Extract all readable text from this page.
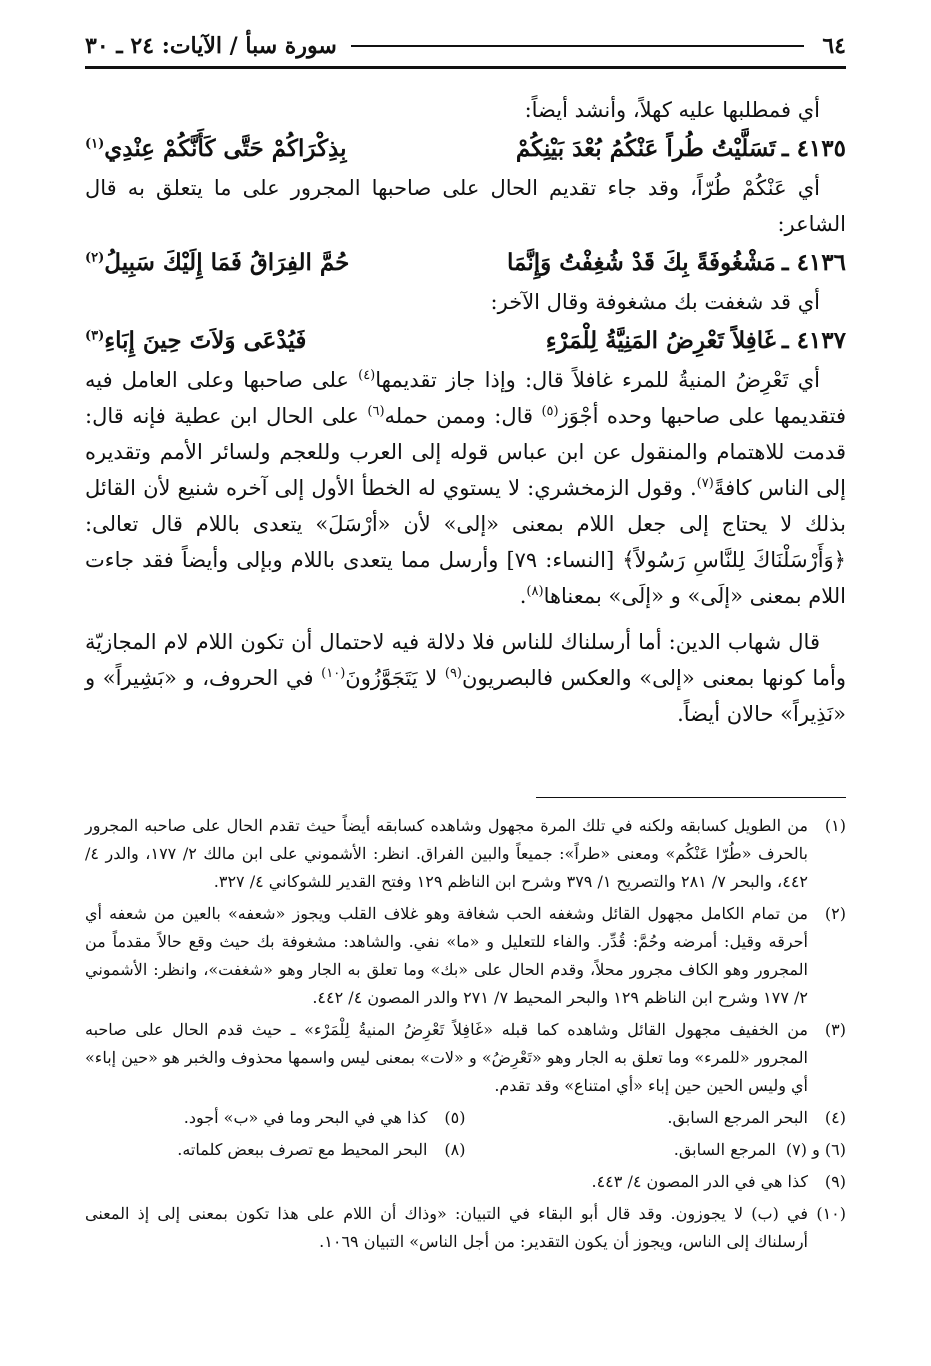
٦٤
سورة سبأ / الآيات: ٢٤ ـ ٣٠

أي فمطلبها عليه كهلاً، وأنشد أيضاً:

٤١٣٥ ـ
تَسَلَّيْتُ طُراً عَنْكُمُ بُعْدَ بَيْنِكُمْ
بِذِكْرَاكُمْ حَتَّى كَأَنَّكُمْ عِنْدِي$^{(١)}$

أي عَنْكُمْ طُرّاً، وقد جاء تقديم الحال على صاحبها المجرور على ما يتعلق به قال الشاعر:

٤١٣٦ ـ
مَشْغُوفَةً بِكَ قَدْ شُغِفْتُ وَإِنَّمَا
حُمَّ الفِرَاقُ فَمَا إِلَيْكَ سَبِيلُ$^{(٢)}$

أي قد شغفت بك مشغوفة وقال الآخر:

٤١٣٧ ـ
غَافِلاً تَعْرِضُ المَنِيَّةُ لِلْمَرْءِ
فَيُدْعَى وَلاَتَ حِينَ إِبَاءِ$^{(٣)}$

أي تَعْرِضُ المنيةُ للمرء غافلاً قال: وإذا جاز تقديمها$^{(٤)}$ على صاحبها وعلى العامل فيه فتقديمها على صاحبها وحده أجْوَز$^{(٥)}$ قال: وممن حمله$^{(٦)}$ على الحال ابن عطية فإنه قال: قدمت للاهتمام والمنقول عن ابن عباس قوله إلى العرب وللعجم ولسائر الأمم وتقديره إلى الناس كافةً$^{(٧)}$. وقول الزمخشري: لا يستوي له الخطأ الأول إلى آخره شنيع لأن القائل بذلك لا يحتاج إلى جعل اللام بمعنى «إلى» لأن «أرْسَلَ» يتعدى باللام قال تعالى: ﴿وَأَرْسَلْنَاكَ لِلنَّاسِ رَسُولاً﴾ [النساء: ٧٩] وأرسل مما يتعدى باللام وبإلى وأيضاً فقد جاءت اللام بمعنى «إلَى» و «إلَى» بمعناها$^{(٨)}$.

قال شهاب الدين: أما أرسلناك للناس فلا دلالة فيه لاحتمال أن تكون اللام لام المجازيّة وأما كونها بمعنى «إلى» والعكس فالبصريون$^{(٩)}$ لا يَتَجَوَّزُونَ$^{(١٠)}$ في الحروف، و «بَشِيراً» و «نَذِيراً» حالان أيضاً.

(١)
من الطويل كسابقه ولكنه في تلك المرة مجهول وشاهده كسابقه أيضاً حيث تقدم الحال على صاحبه المجرور بالحرف «طُرّا عَنْكُم» ومعنى «طراً»: جميعاً والبين الفراق. انظر: الأشموني على ابن مالك ٢/ ١٧٧، والدر ٤/ ٤٤٢، والبحر ٧/ ٢٨١ والتصريح ١/ ٣٧٩ وشرح ابن الناظم ١٢٩ وفتح القدير للشوكاني ٤/ ٣٢٧.
(٢)
من تمام الكامل مجهول القائل وشغفه الحب شغافة وهو غلاف القلب ويجوز «شعفه» بالعين من شعفه أي أحرقه وقيل: أمرضه وحُمَّ: قُدِّر. والفاء للتعليل و «ما» نفي. والشاهد: مشغوفة بك حيث وقع حالاً مقدماً من المجرور وهو الكاف مجرور محلاً، وقدم الحال على «بك» وما تعلق به الجار وهو «شغفت»، وانظر: الأشموني ٢/ ١٧٧ وشرح ابن الناظم ١٢٩ والبحر المحيط ٧/ ٢٧١ والدر المصون ٤/ ٤٤٢.
(٣)
من الخفيف مجهول القائل وشاهده كما قبله «غَافِلاً تَعْرِضُ المنيةُ لِلْمَرْء» ـ حيث قدم الحال على صاحبه المجرور «للمرء» وما تعلق به الجار وهو «تَعْرِضُ» و «لات» بمعنى ليس واسمها محذوف والخبر هو «حين إباء» أي وليس الحين حين إباء «أي امتناع» وقد تقدم.
(٤)
البحر المرجع السابق.
(٥)
كذا هي في البحر وما في «ب» أجود.
(٦) و (٧)
المرجع السابق.
(٨)
البحر المحيط مع تصرف ببعض كلماته.
(٩)
كذا هي في الدر المصون ٤/ ٤٤٣.
(١٠)
في (ب) لا يجوزون. وقد قال أبو البقاء في التبيان: «وذاك أن اللام على هذا تكون بمعنى إلى إذ المعنى أرسلناك إلى الناس، ويجوز أن يكون التقدير: من أجل الناس» التبيان ١٠٦٩.
